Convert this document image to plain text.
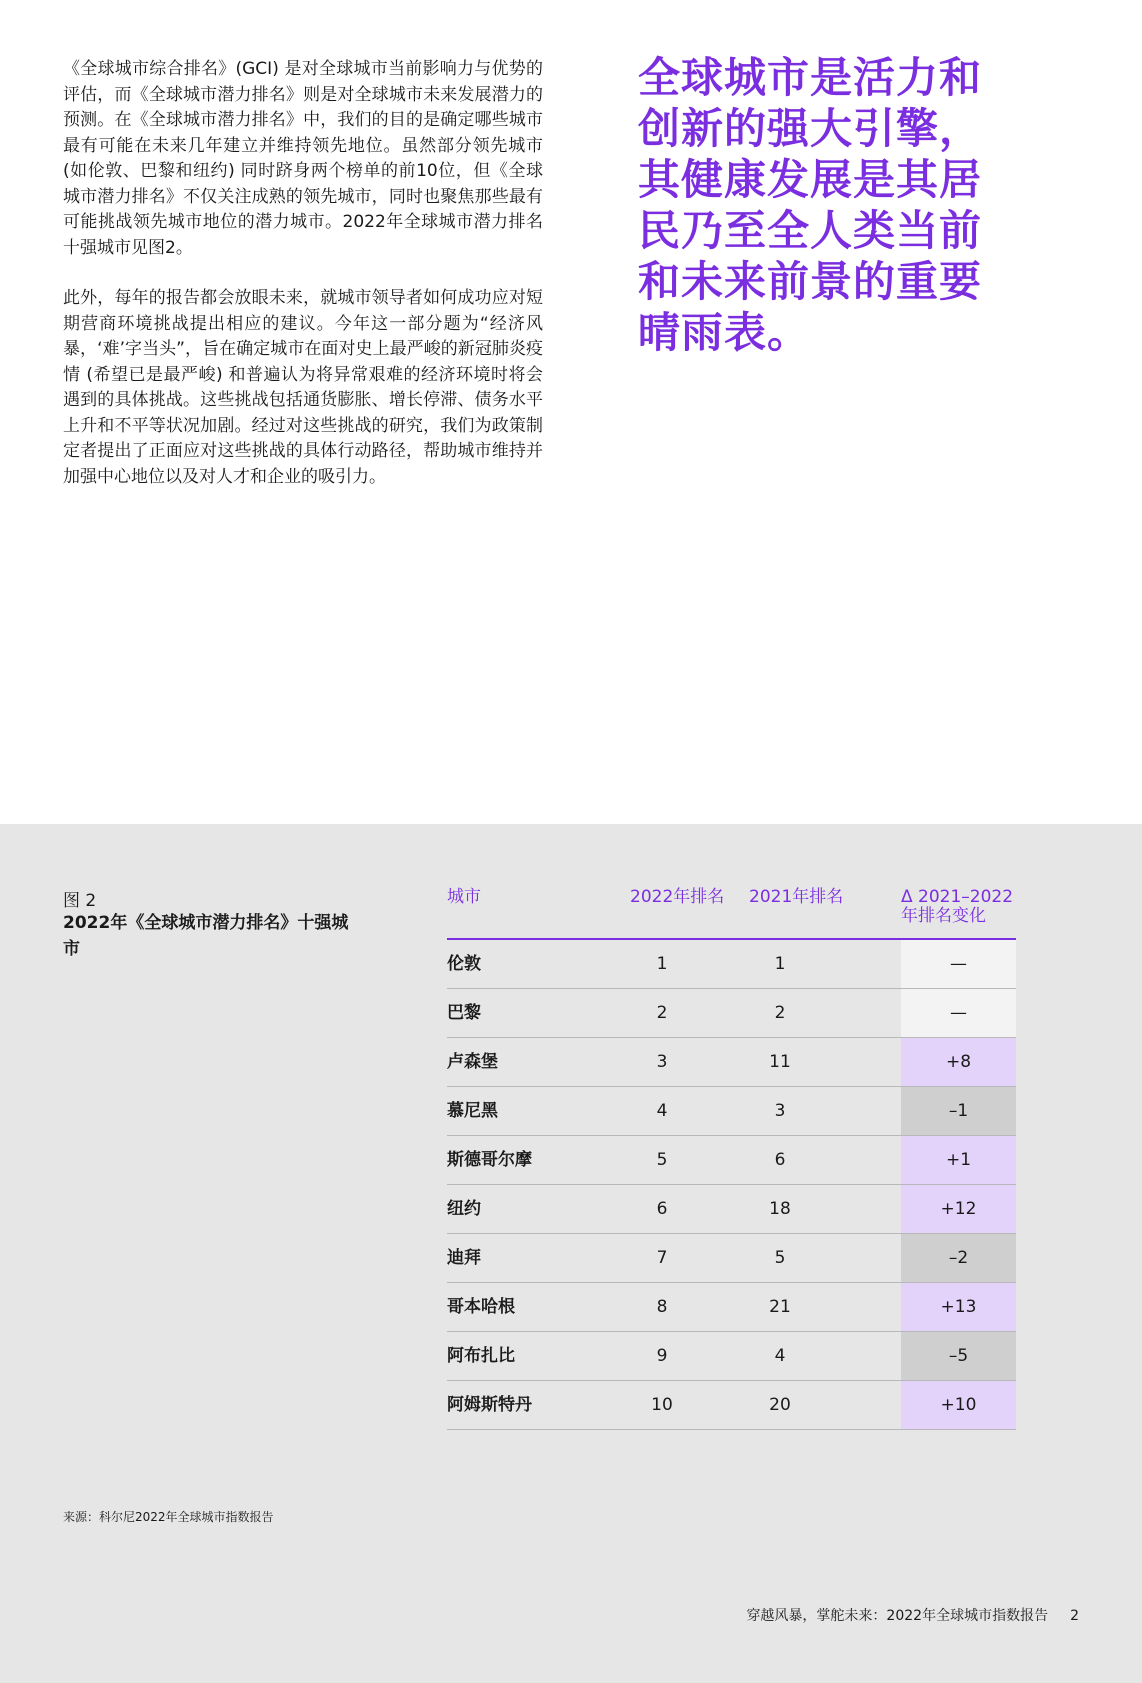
《全球城市综合排名》(GCI) 是对全球城市当前影响力与优势的评估，而《全球城市潜力排名》则是对全球城市未来发展潜力的预测。在《全球城市潜力排名》中，我们的目的是确定哪些城市最有可能在未来几年建立并维持领先地位。虽然部分领先城市 (如伦敦、巴黎和纽约) 同时跻身两个榜单的前10位，但《全球城市潜力排名》不仅关注成熟的领先城市，同时也聚焦那些最有可能挑战领先城市地位的潜力城市。2022年全球城市潜力排名十强城市见图2。

此外，每年的报告都会放眼未来，就城市领导者如何成功应对短期营商环境挑战提出相应的建议。今年这一部分题为“经济风暴，‘难’字当头”，旨在确定城市在面对史上最严峻的新冠肺炎疫情 (希望已是最严峻) 和普遍认为将异常艰难的经济环境时将会遇到的具体挑战。这些挑战包括通货膨胀、增长停滞、债务水平上升和不平等状况加剧。经过对这些挑战的研究，我们为政策制定者提出了正面应对这些挑战的具体行动路径，帮助城市维持并加强中心地位以及对人才和企业的吸引力。

全球城市是活力和创新的强大引擎，其健康发展是其居民乃至全人类当前和未来前景的重要晴雨表。
图 2
2022年《全球城市潜力排名》十强城市
城市	2022年排名 2021年排名	Δ 2021–2022
年排名变化
伦敦	1	1	—
巴黎	2	2	—
卢森堡	3	11	+8
慕尼黑	4	3	–1
斯德哥尔摩	5	6	+1
纽约	6	18	+12
迪拜	7	5	–2
哥本哈根	8	21	+13
阿布扎比	9	4	–5
阿姆斯特丹	10	20	+10
来源：科尔尼2022年全球城市指数报告
穿越风暴，掌舵未来：2022年全球城市指数报告 2
